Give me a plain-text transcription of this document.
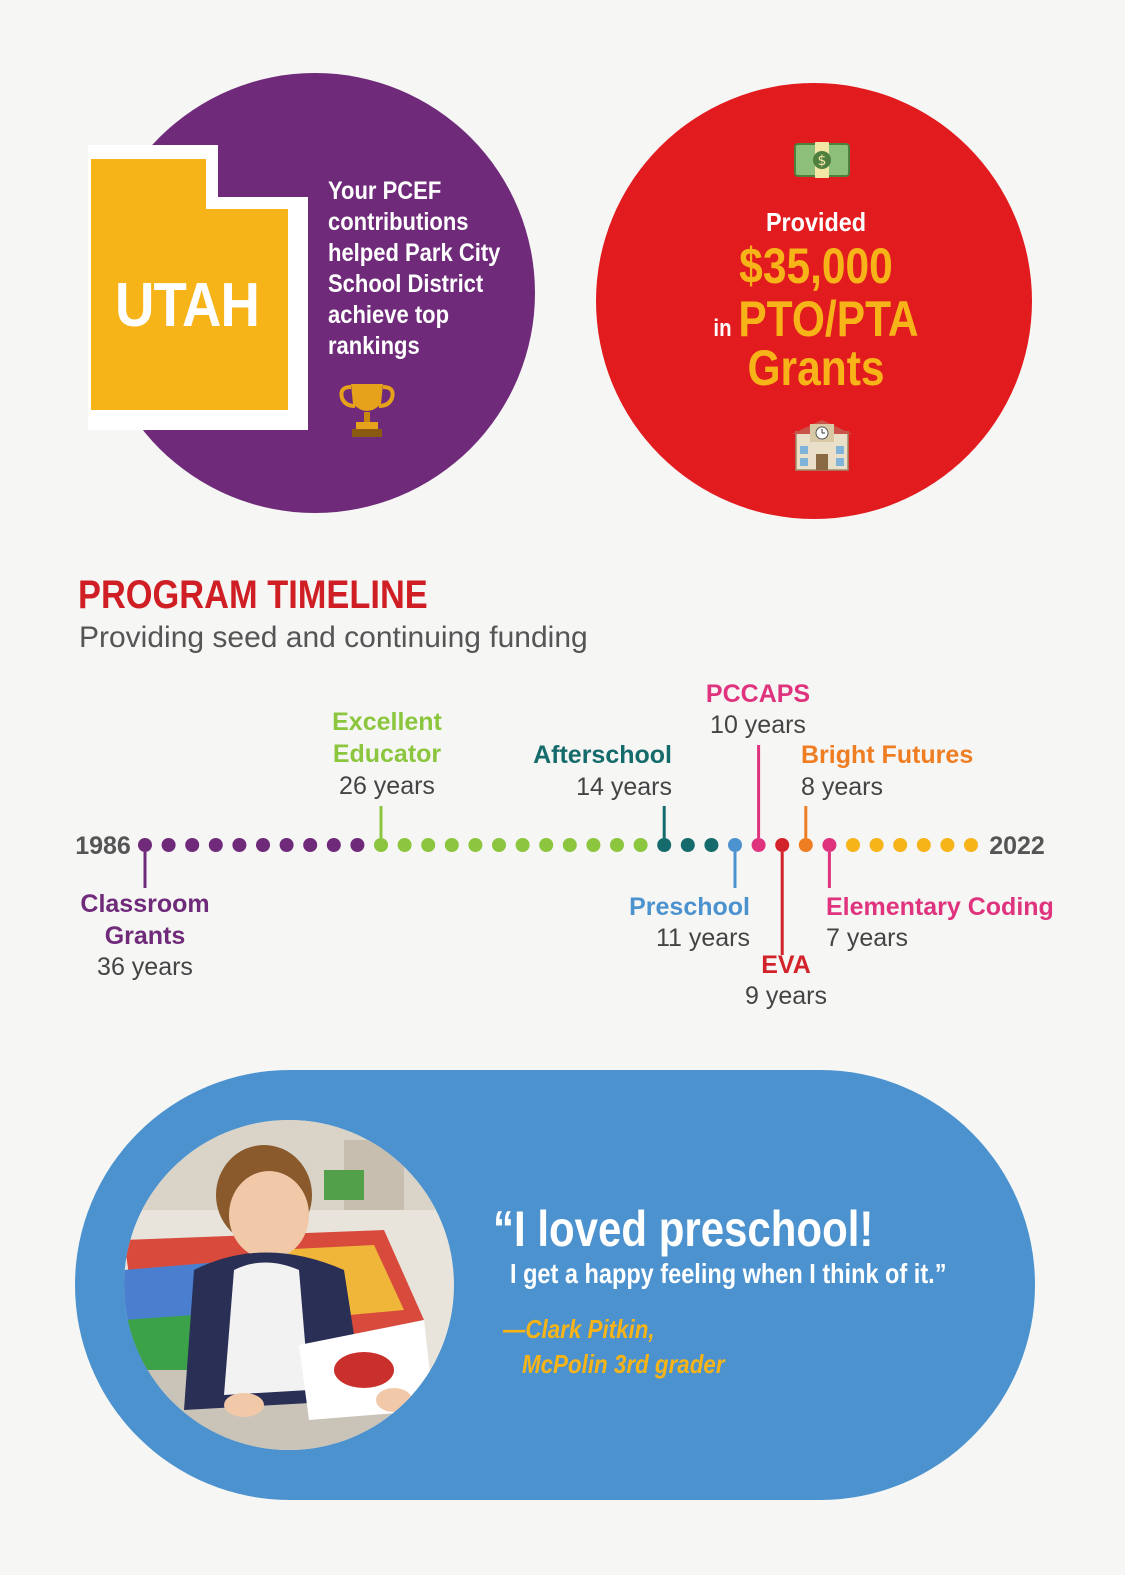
UTAH
Your PCEF contributions helped Park City School District achieve top rankings
$
Provided
$35,000
in PTO/PTA
Grants
PROGRAM TIMELINE
Providing seed and continuing funding
1986	2022
Classroom
Grants
36 years
Excellent
Educator
26 years
Afterschool
14 years
Preschool
11 years
PCCAPS
10 years
EVA
9 years
Bright Futures
8 years
Elementary Coding
7 years
“I loved preschool!
I get a happy feeling when I think of it.”
—Clark Pitkin,
McPolin 3rd grader
